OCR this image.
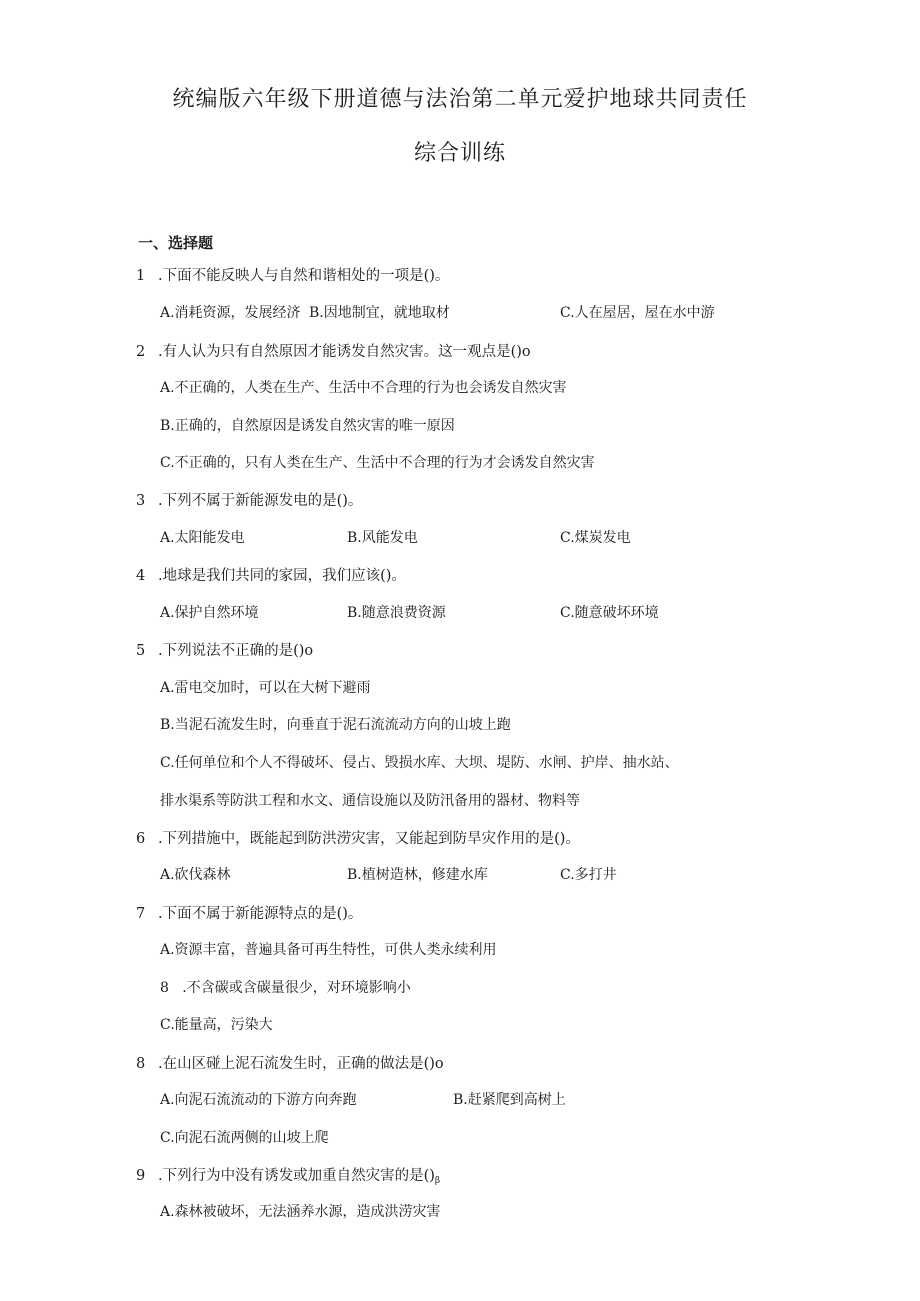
统编版六年级下册道德与法治第二单元爱护地球共同责任
综合训练
一、选择题
1 .下面不能反映人与自然和谐相处的一项是()。
A.消耗资源，发展经济 B.因地制宜，就地取材	C.人在屋居，屋在水中游
2 .有人认为只有自然原因才能诱发自然灾害。这一观点是()o
A.不正确的，人类在生产、生活中不合理的行为也会诱发自然灾害
B.正确的，自然原因是诱发自然灾害的唯一原因
C.不正确的，只有人类在生产、生活中不合理的行为才会诱发自然灾害
3 .下列不属于新能源发电的是()。
A.太阳能发电	B.风能发电	C.煤炭发电
4 .地球是我们共同的家园，我们应该()。
A.保护自然环境	B.随意浪费资源	C.随意破坏环境
5 .下列说法不正确的是()o
A.雷电交加时，可以在大树下避雨
B.当泥石流发生时，向垂直于泥石流流动方向的山坡上跑
C.任何单位和个人不得破坏、侵占、毁损水库、大坝、堤防、水闸、护岸、抽水站、
排水渠系等防洪工程和水文、通信设施以及防汛备用的器材、物料等
6 .下列措施中，既能起到防洪涝灾害，又能起到防旱灾作用的是()。
A.砍伐森林	B.植树造林，修建水库	C.多打井
7 .下面不属于新能源特点的是()。
A.资源丰富，普遍具备可再生特性，可供人类永续利用
8 .不含碳或含碳量很少，对环境影响小
C.能量高，污染大
8 .在山区碰上泥石流发生时，正确的做法是()o
A.向泥石流流动的下游方向奔跑	B.赶紧爬到高树上
C.向泥石流两侧的山坡上爬
9 .下列行为中没有诱发或加重自然灾害的是$()_\beta$
A.森林被破坏，无法涵养水源，造成洪涝灾害
